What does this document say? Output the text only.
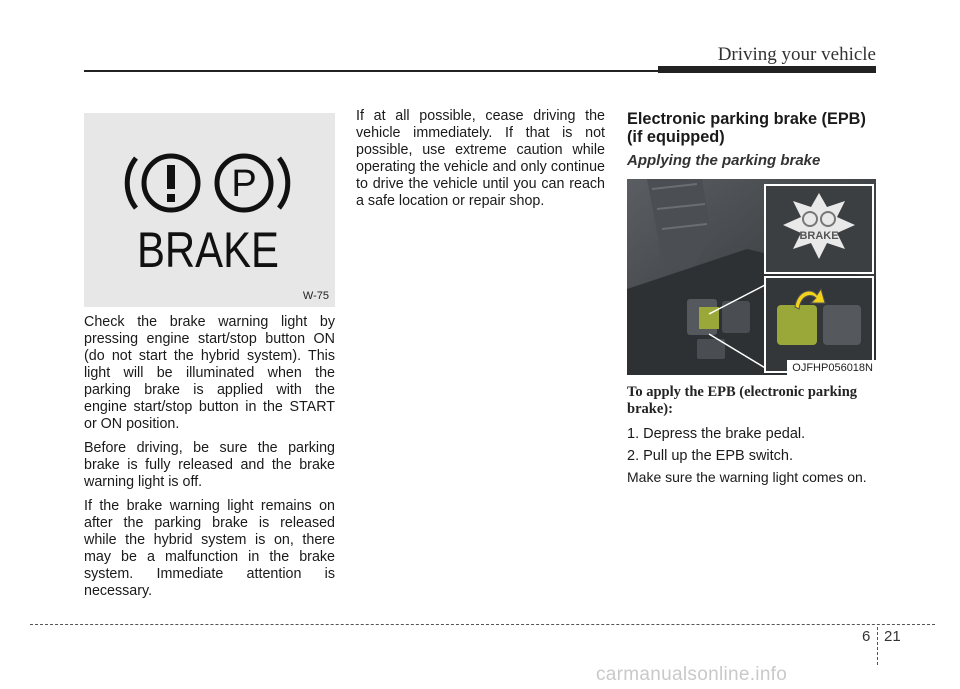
Driving your vehicle
P
BRAKE
W-75

Check the brake warning light by pressing engine start/stop button ON (do not start the hybrid system). This light will be illuminated when the parking brake is applied with the engine start/stop button in the START or ON position.

Before driving, be sure the parking brake is fully released and the brake warning light is off.

If the brake warning light remains on after the parking brake is released while the hybrid system is on, there may be a malfunction in the brake system. Immediate attention is necessary.

If at all possible, cease driving the vehicle immediately. If that is not possible, use extreme caution while operating the vehicle and only continue to drive the vehicle until you can reach a safe location or repair shop.

Electronic parking brake (EPB) (if equipped)
Applying the parking brake
BRAKE
OJFHP056018N

To apply the EPB (electronic parking brake):

1. Depress the brake pedal.

2. Pull up the EPB switch.

Make sure the warning light comes on.

6 21
carmanualsonline.info
